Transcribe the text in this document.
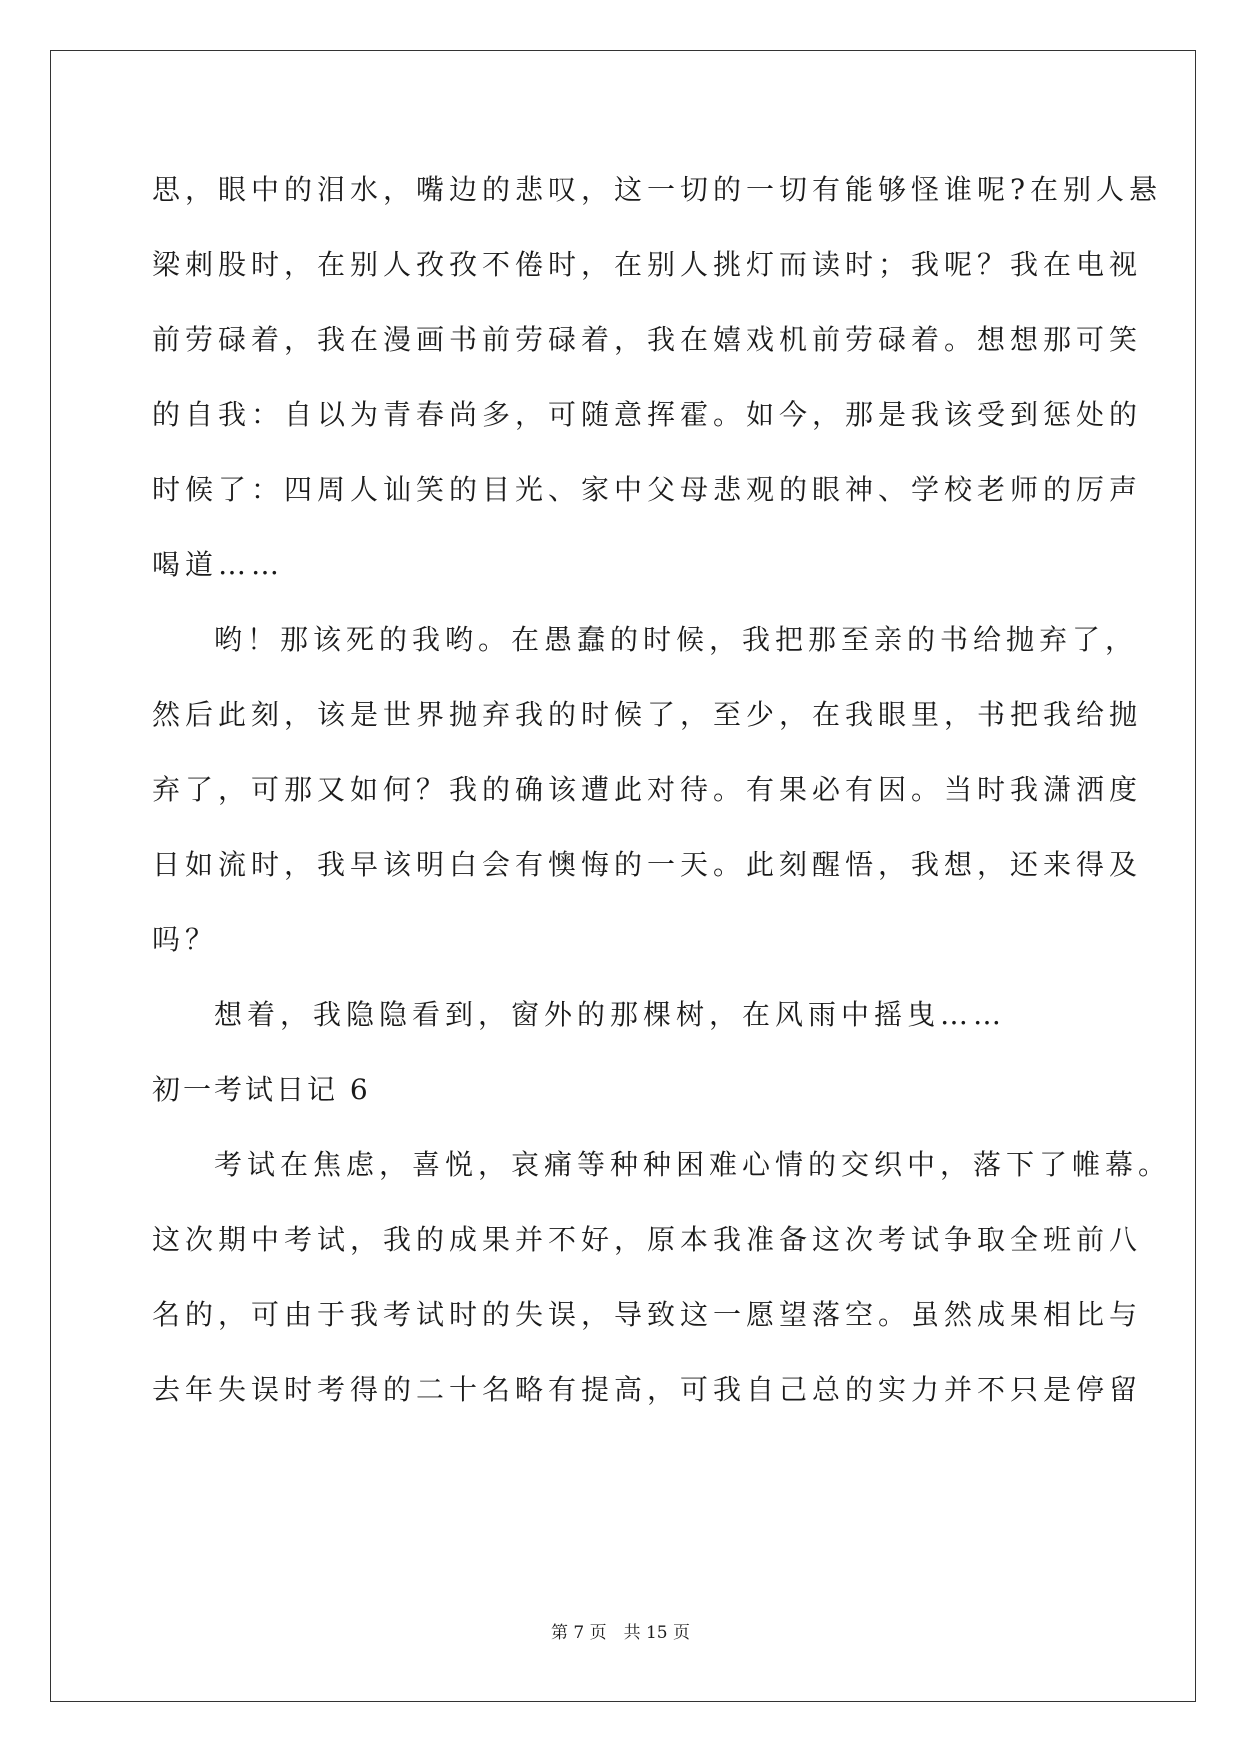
思，眼中的泪水，嘴边的悲叹，这一切的一切有能够怪谁呢?在别人悬
梁刺股时，在别人孜孜不倦时，在别人挑灯而读时；我呢？我在电视
前劳碌着，我在漫画书前劳碌着，我在嬉戏机前劳碌着。想想那可笑
的自我：自以为青春尚多，可随意挥霍。如今，那是我该受到惩处的
时候了：四周人讪笑的目光、家中父母悲观的眼神、学校老师的厉声
喝道……
哟！那该死的我哟。在愚蠢的时候，我把那至亲的书给抛弃了，
然后此刻，该是世界抛弃我的时候了，至少，在我眼里，书把我给抛
弃了，可那又如何？我的确该遭此对待。有果必有因。当时我潇洒度
日如流时，我早该明白会有懊悔的一天。此刻醒悟，我想，还来得及
吗？
想着，我隐隐看到，窗外的那棵树，在风雨中摇曳……
初一考试日记 6
考试在焦虑，喜悦，哀痛等种种困难心情的交织中，落下了帷幕。
这次期中考试，我的成果并不好，原本我准备这次考试争取全班前八
名的，可由于我考试时的失误，导致这一愿望落空。虽然成果相比与
去年失误时考得的二十名略有提高，可我自己总的实力并不只是停留
第 7 页　共 15 页
